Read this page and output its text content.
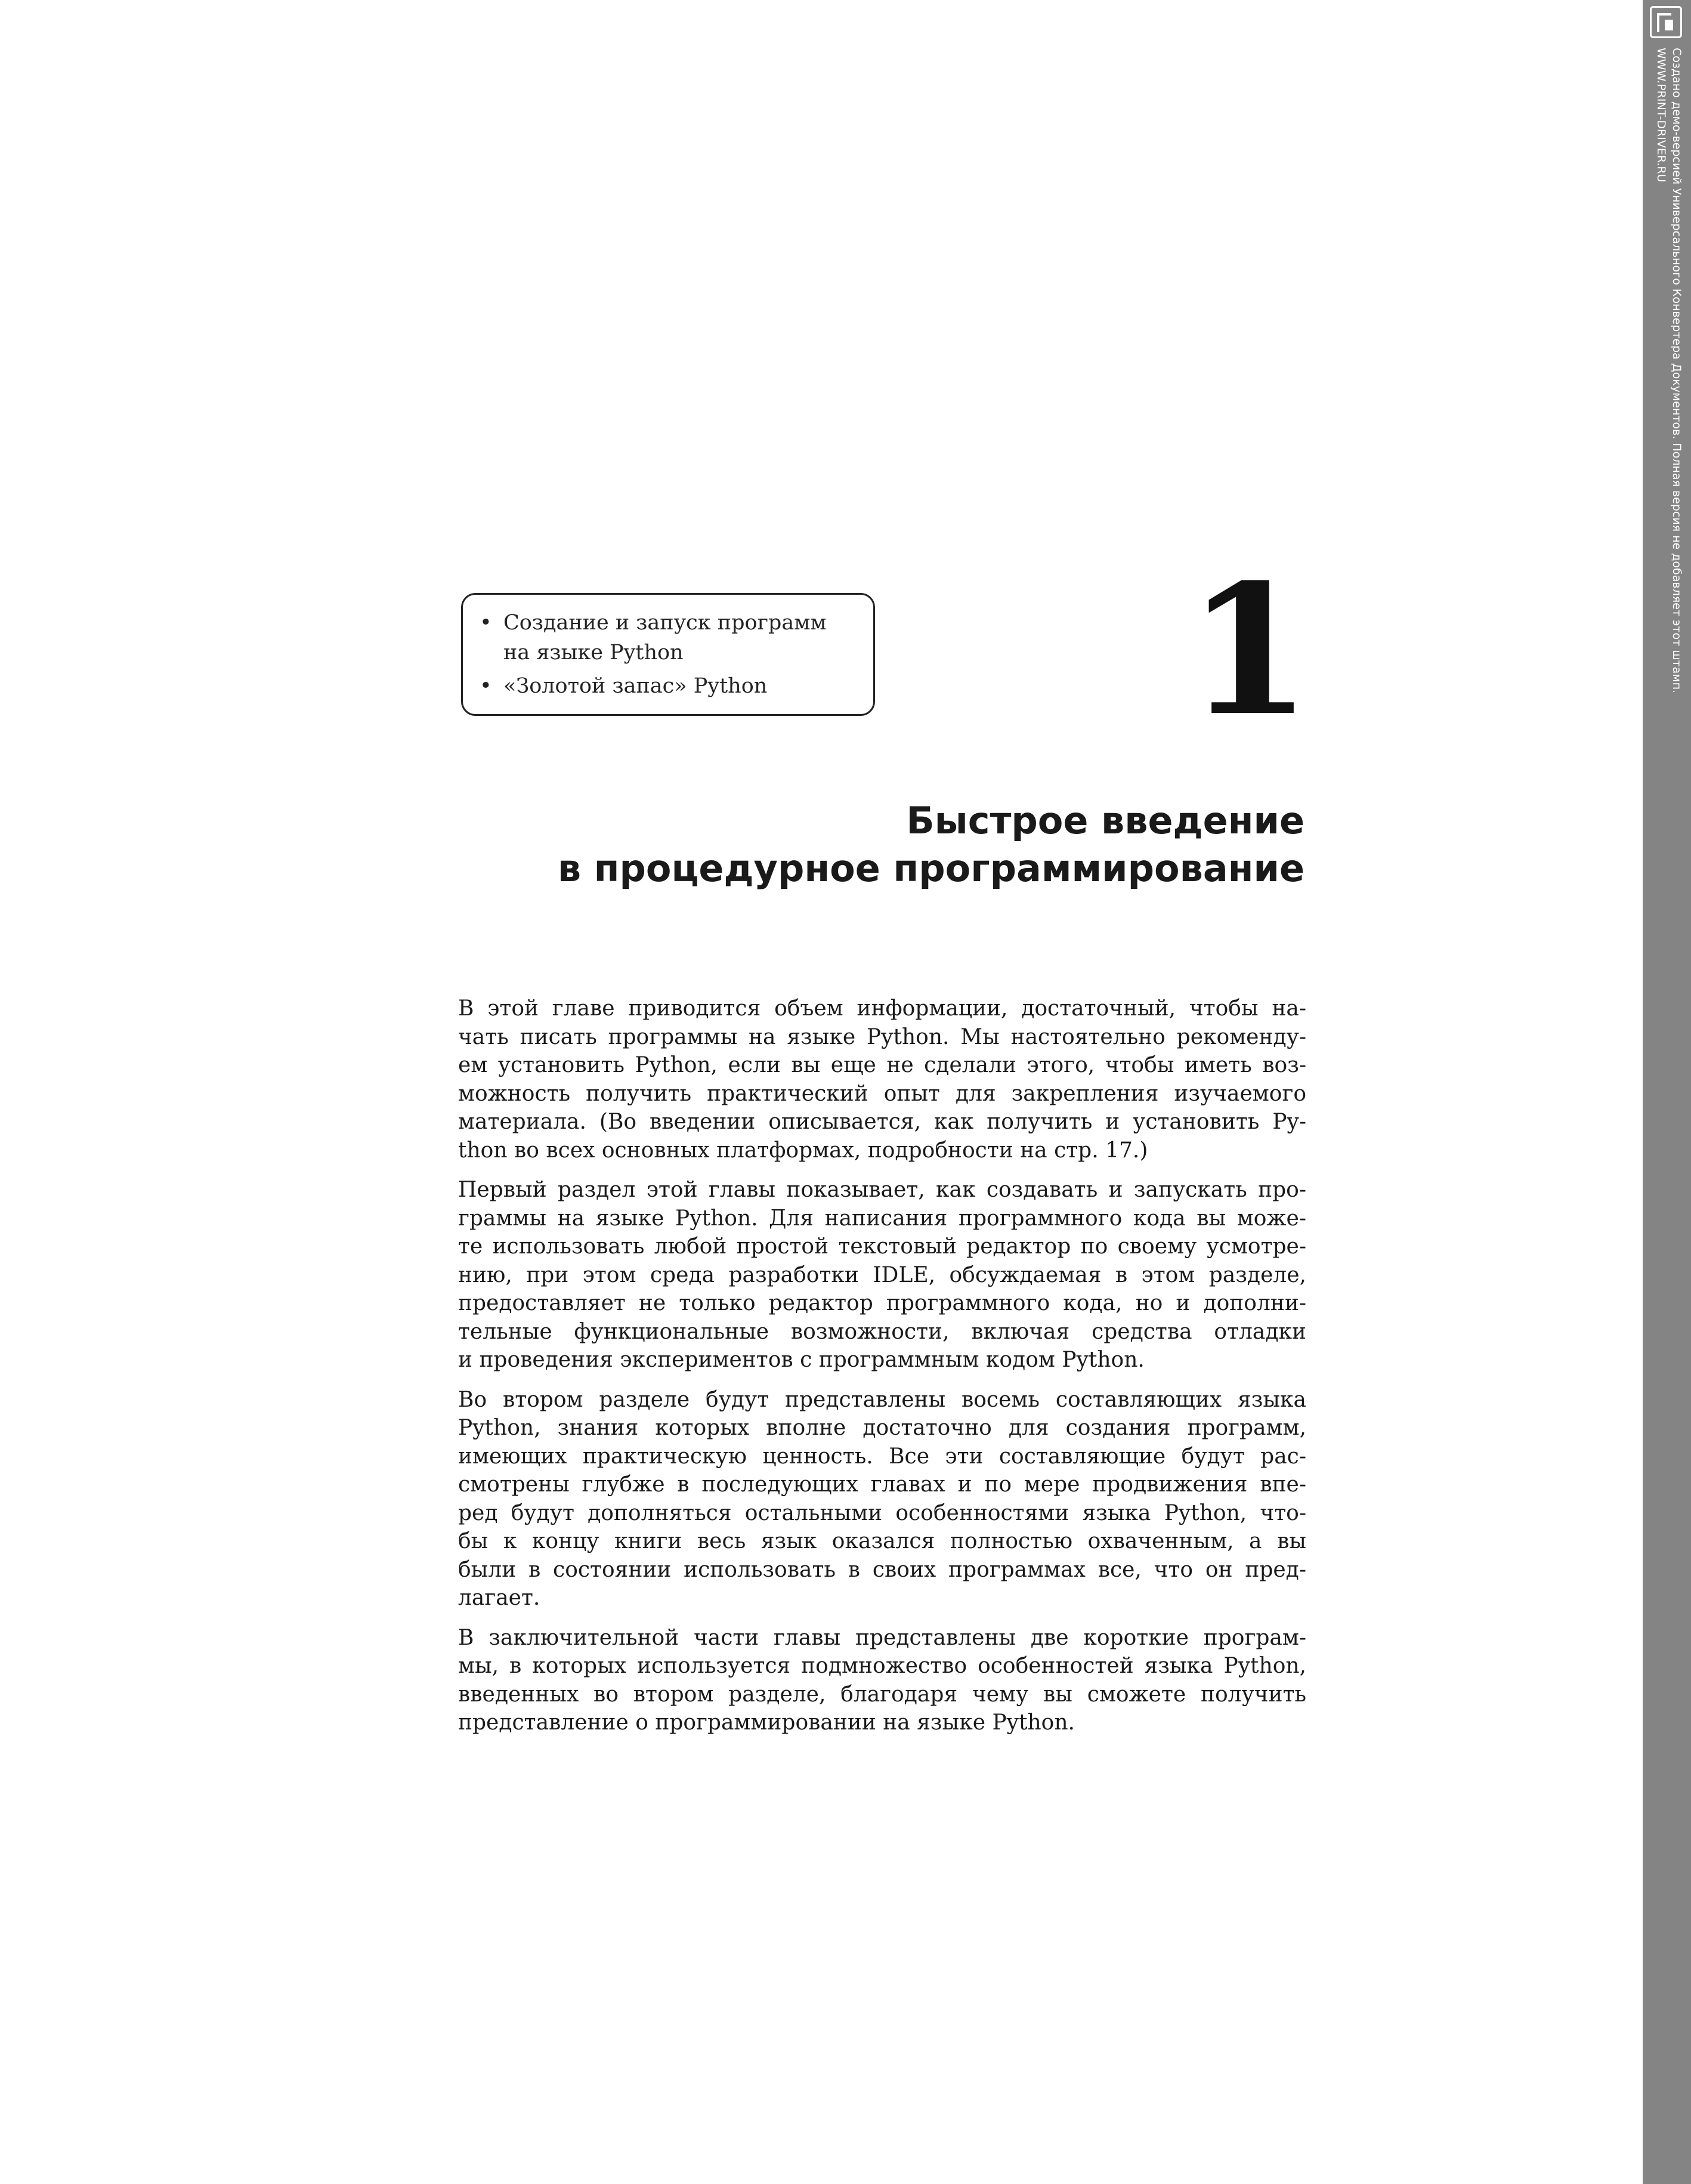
• Создание и запуск программ
на языке Python
• «Золотой запас» Python	1
Быстрое введение
в процедурное программирование

В этой главе приводится объем информации, достаточный, чтобы на-
чать писать программы на языке Python. Мы настоятельно рекоменду-
ем установить Python, если вы еще не сделали этого, чтобы иметь воз-
можность получить практический опыт для закрепления изучаемого
материала. (Во введении описывается, как получить и установить Py-
thon во всех основных платформах, подробности на стр. 17.)

Первый раздел этой главы показывает, как создавать и запускать про-
граммы на языке Python. Для написания программного кода вы може-
те использовать любой простой текстовый редактор по своему усмотре-
нию, при этом среда разработки IDLE, обсуждаемая в этом разделе,
предоставляет не только редактор программного кода, но и дополни-
тельные функциональные возможности, включая средства отладки
и проведения экспериментов с программным кодом Python.

Во втором разделе будут представлены восемь составляющих языка
Python, знания которых вполне достаточно для создания программ,
имеющих практическую ценность. Все эти составляющие будут рас-
смотрены глубже в последующих главах и по мере продвижения впе-
ред будут дополняться остальными особенностями языка Python, что-
бы к концу книги весь язык оказался полностью охваченным, а вы
были в состоянии использовать в своих программах все, что он пред-
лагает.

В заключительной части главы представлены две короткие програм-
мы, в которых используется подмножество особенностей языка Python,
введенных во втором разделе, благодаря чему вы сможете получить
представление о программировании на языке Python.

Создано демо-версией Универсального Конвертера Документов. Полная версия не добавляет этот штамп.
WWW.PRINT-DRIVER.RU
